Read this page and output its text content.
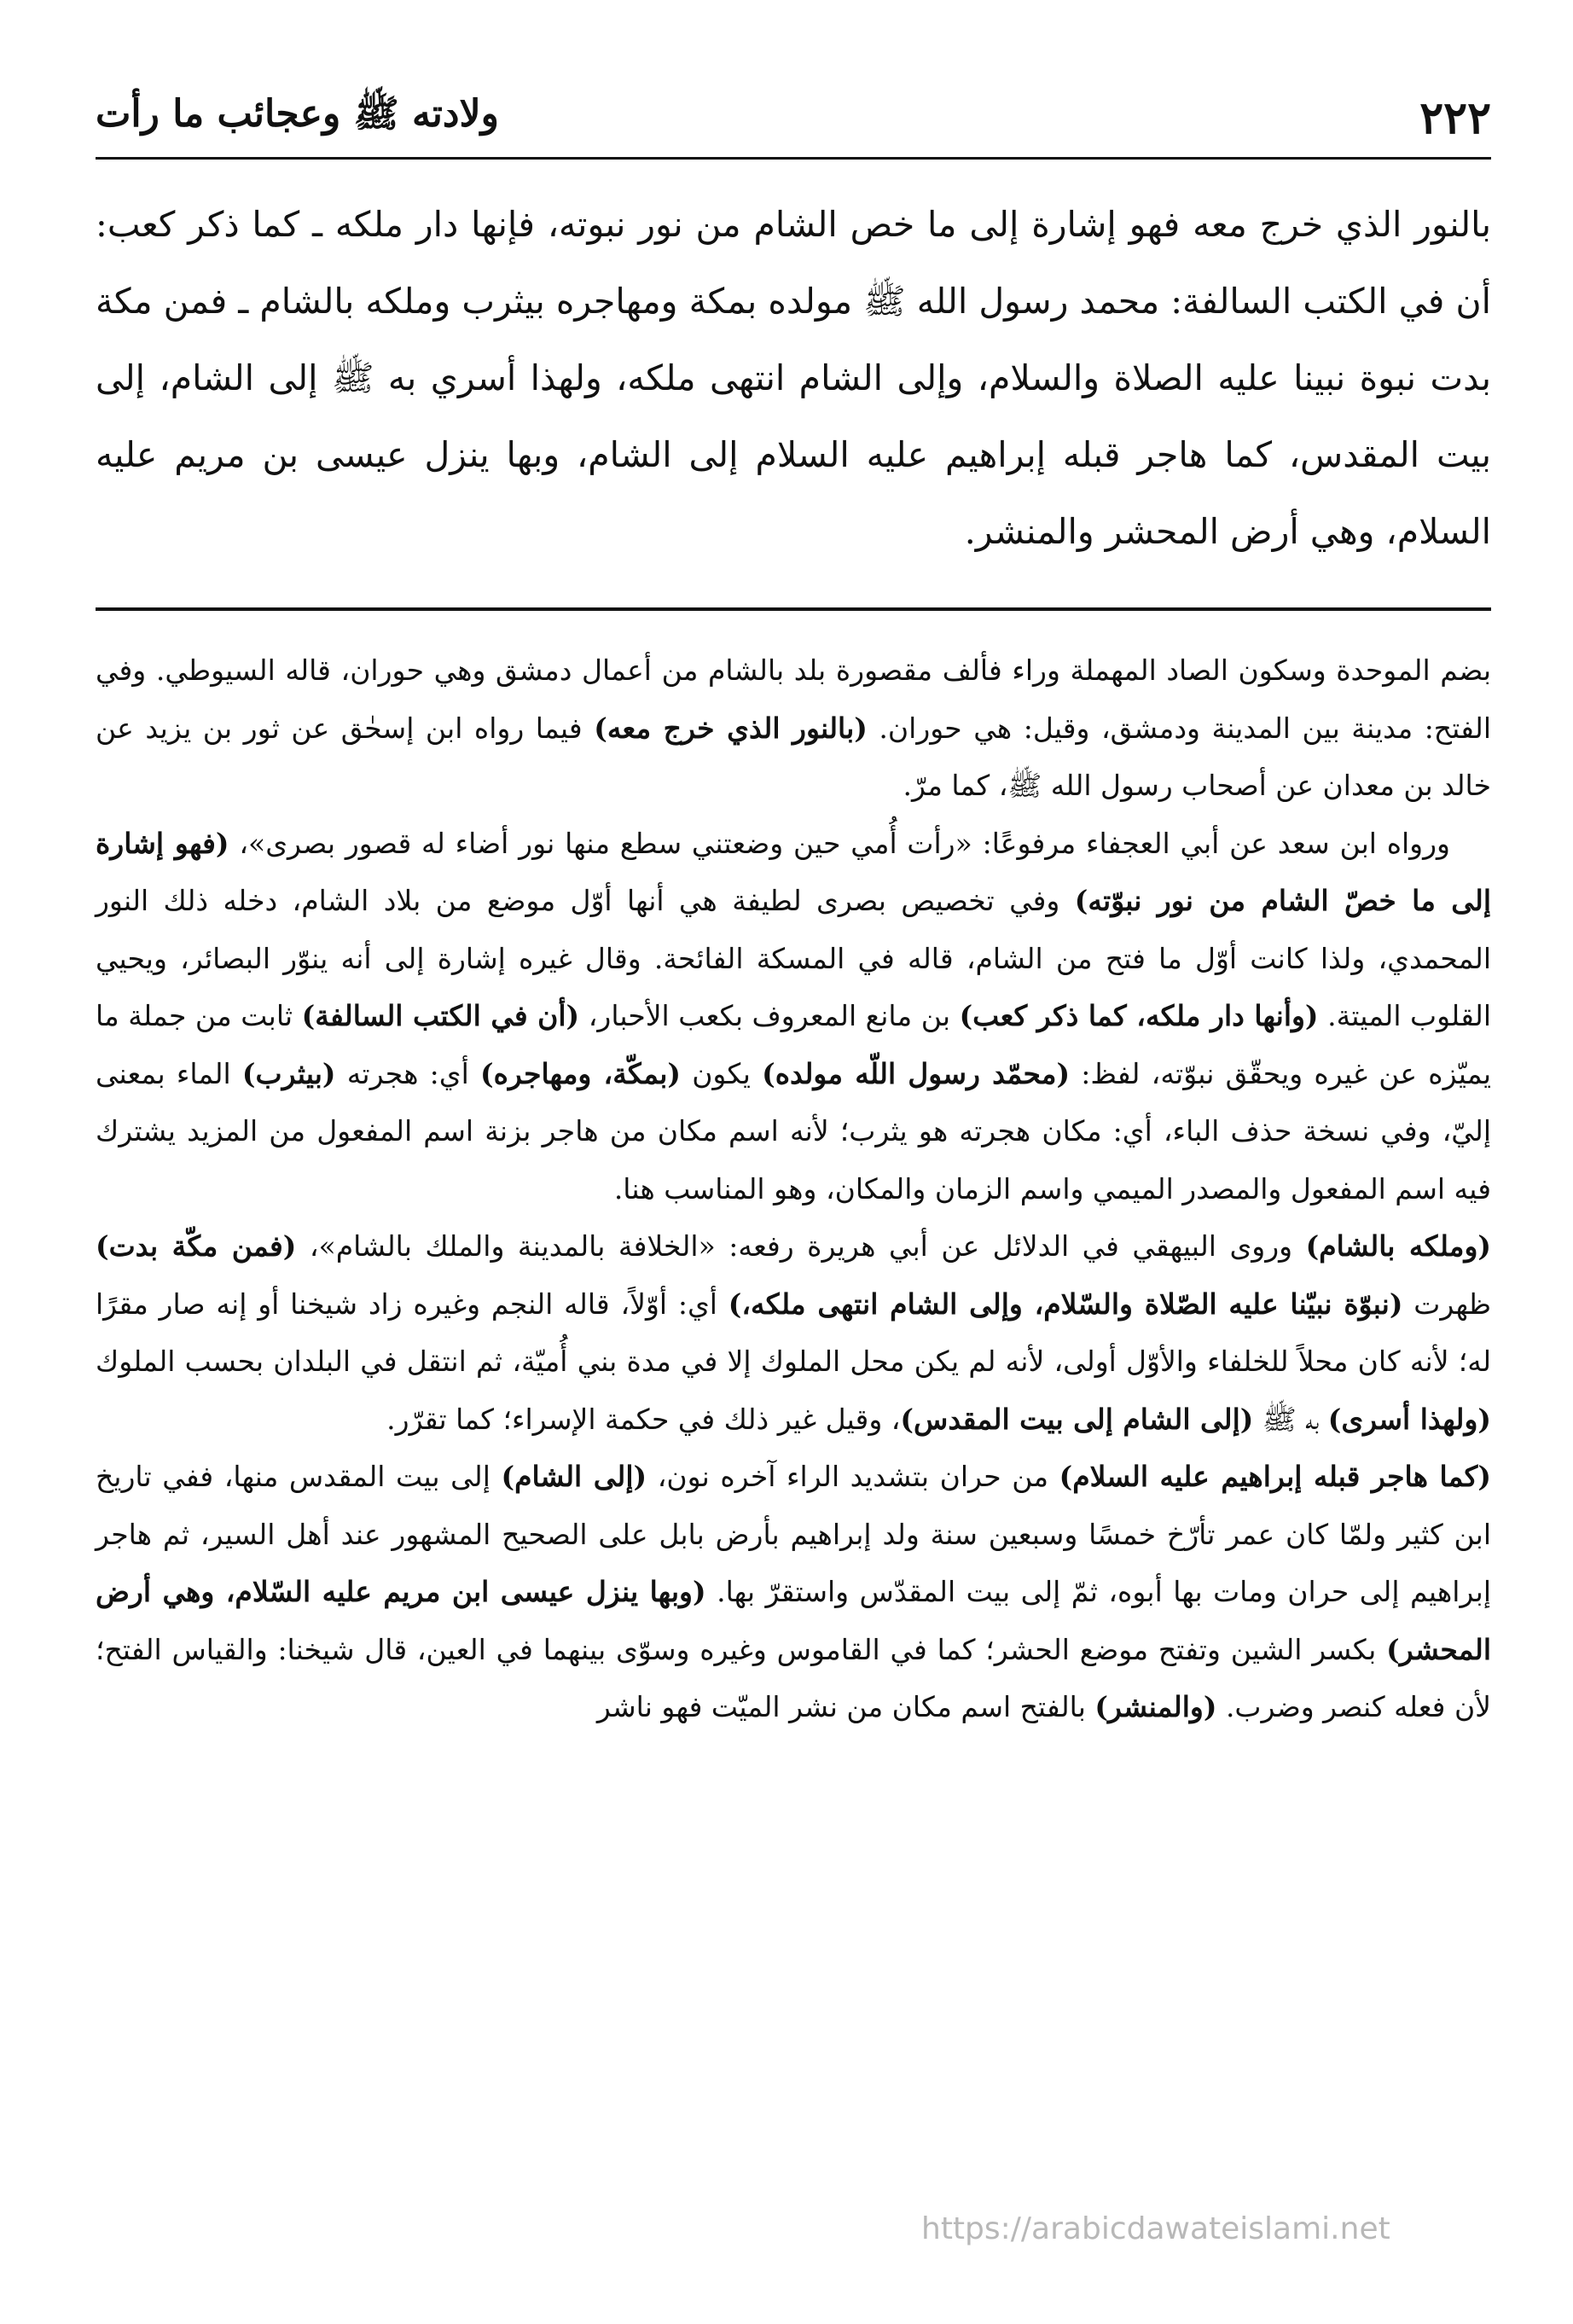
٢٢٢
ولادته ﷺ وعجائب ما رأت

بالنور الذي خرج معه فهو إشارة إلى ما خص الشام من نور نبوته، فإنها دار ملكه ـ كما ذكر كعب: أن في الكتب السالفة: محمد رسول الله ﷺ مولده بمكة ومهاجره بيثرب وملكه بالشام ـ فمن مكة بدت نبوة نبينا عليه الصلاة والسلام، وإلى الشام انتهى ملكه، ولهذا أسري به ﷺ إلى الشام، إلى بيت المقدس، كما هاجر قبله إبراهيم عليه السلام إلى الشام، وبها ينزل عيسى بن مريم عليه السلام، وهي أرض المحشر والمنشر.

بضم الموحدة وسكون الصاد المهملة وراء فألف مقصورة بلد بالشام من أعمال دمشق وهي حوران، قاله السيوطي. وفي الفتح: مدينة بين المدينة ودمشق، وقيل: هي حوران. (بالنور الذي خرج معه) فيما رواه ابن إسحٰق عن ثور بن يزيد عن خالد بن معدان عن أصحاب رسول الله ﷺ، كما مرّ.

ورواه ابن سعد عن أبي العجفاء مرفوعًا: «رأت أُمي حين وضعتني سطع منها نور أضاء له قصور بصرى»، (فهو إشارة إلى ما خصّ الشام من نور نبوّته) وفي تخصيص بصرى لطيفة هي أنها أوّل موضع من بلاد الشام، دخله ذلك النور المحمدي، ولذا كانت أوّل ما فتح من الشام، قاله في المسكة الفائحة. وقال غيره إشارة إلى أنه ينوّر البصائر، ويحيي القلوب الميتة. (وأنها دار ملكه، كما ذكر كعب) بن مانع المعروف بكعب الأحبار، (أن في الكتب السالفة) ثابت من جملة ما يميّزه عن غيره ويحقّق نبوّته، لفظ: (محمّد رسول اللّه مولده) يكون (بمكّة، ومهاجره) أي: هجرته (بيثرب) الماء بمعنى إليّ، وفي نسخة حذف الباء، أي: مكان هجرته هو يثرب؛ لأنه اسم مكان من هاجر بزنة اسم المفعول من المزيد يشترك فيه اسم المفعول والمصدر الميمي واسم الزمان والمكان، وهو المناسب هنا.

(وملكه بالشام) وروى البيهقي في الدلائل عن أبي هريرة رفعه: «الخلافة بالمدينة والملك بالشام»، (فمن مكّة بدت) ظهرت (نبوّة نبيّنا عليه الصّلاة والسّلام، وإلى الشام انتهى ملكه،) أي: أوّلاً، قاله النجم وغيره زاد شيخنا أو إنه صار مقرًا له؛ لأنه كان محلاً للخلفاء والأوّل أولى، لأنه لم يكن محل الملوك إلا في مدة بني أُميّة، ثم انتقل في البلدان بحسب الملوك (ولهذا أسرى) به ﷺ (إلى الشام إلى بيت المقدس)، وقيل غير ذلك في حكمة الإسراء؛ كما تقرّر.

(كما هاجر قبله إبراهيم عليه السلام) من حران بتشديد الراء آخره نون، (إلى الشام) إلى بيت المقدس منها، ففي تاريخ ابن كثير ولمّا كان عمر تأرّخ خمسًا وسبعين سنة ولد إبراهيم بأرض بابل على الصحيح المشهور عند أهل السير، ثم هاجر إبراهيم إلى حران ومات بها أبوه، ثمّ إلى بيت المقدّس واستقرّ بها. (وبها ينزل عيسى ابن مريم عليه السّلام، وهي أرض المحشر) بكسر الشين وتفتح موضع الحشر؛ كما في القاموس وغيره وسوّى بينهما في العين، قال شيخنا: والقياس الفتح؛ لأن فعله كنصر وضرب. (والمنشر) بالفتح اسم مكان من نشر الميّت فهو ناشر

https://arabicdawateislami.net
